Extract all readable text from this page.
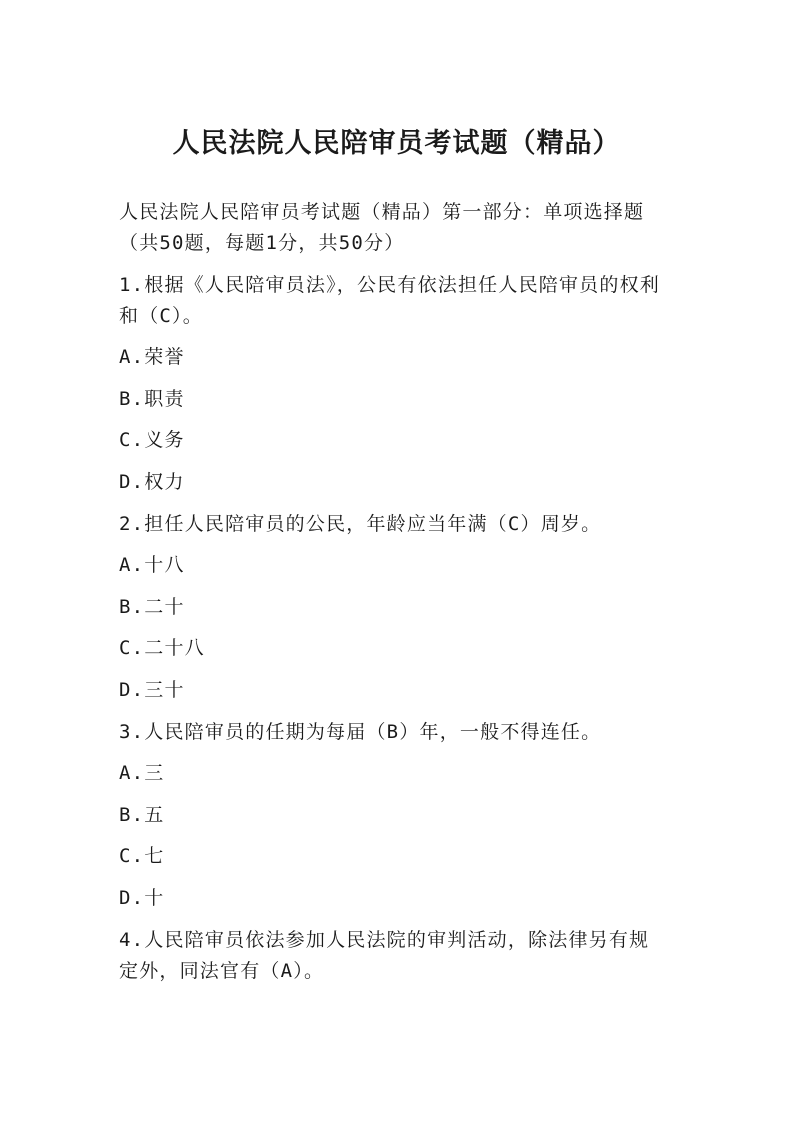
人民法院人民陪审员考试题（精品）

人民法院人民陪审员考试题（精品）第一部分：单项选择题

（共50题，每题1分，共50分）

1.根据《人民陪审员法》，公民有依法担任人民陪审员的权利

和（C）。

A.荣誉

B.职责

C.义务

D.权力

2.担任人民陪审员的公民，年龄应当年满（C）周岁。

A.十八

B.二十

C.二十八

D.三十

3.人民陪审员的任期为每届（B）年，一般不得连任。

A.三

B.五

C.七

D.十

4.人民陪审员依法参加人民法院的审判活动，除法律另有规

定外，同法官有（A）。
